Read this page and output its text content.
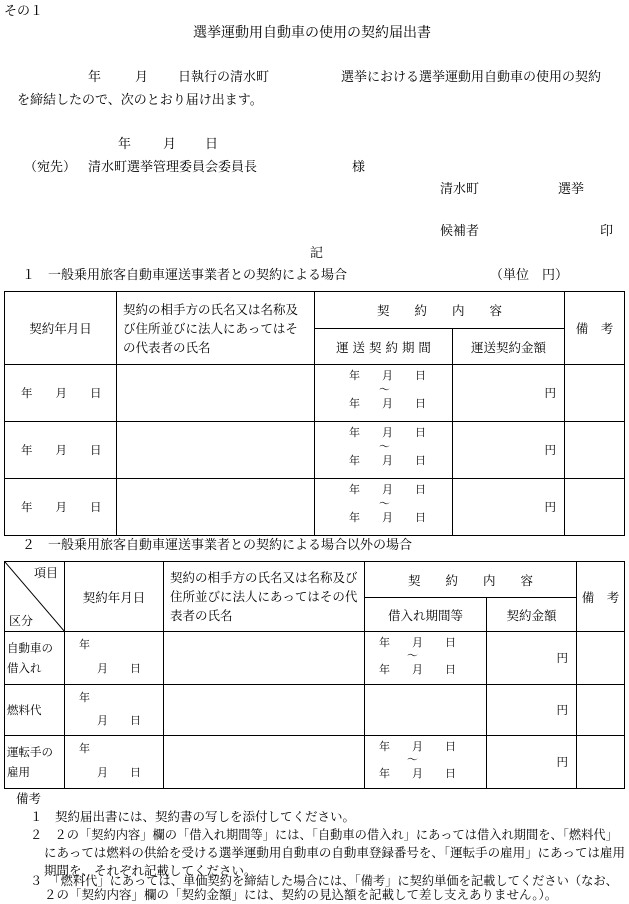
その１
選挙運動用自動車の使用の契約届出書
年	月 日執行の清水町	選挙における選挙運動用自動車の使用の契約
を締結したので、次のとおり届け出ます。
年 月 日
（宛先） 清水町選挙管理委員会委員長	様
清水町	選挙
候補者	印
記
１　一般乗用旅客自動車運送事業者との契約による場合	（単位　円）
契約年月日	契約の相手方の氏名又は名称及び住所並びに法人にあってはその代表者の氏名	契　　約　　内　　容		備　考
		運 送 契 約 期 間	運送契約金額	
年　　月　　日		年　　月　　日
〜
年　　月　　日	円	
年　　月　　日		年　　月　　日
〜
年　　月　　日	円	
年　　月　　日		年　　月　　日
〜
年　　月　　日	円	
２　一般乗用旅客自動車運送事業者との契約による場合以外の場合
項目
区分	契約年月日	契約の相手方の氏名又は名称及び住所並びに法人にあってはその代表者の氏名	契　　約　　内　　容		備　考
			借入れ期間等	契約金額	
自動車の借入れ	年
月　　日		年　　月　　日
〜
年　　月　　日	円	
燃料代	年
月　　日			円	
運転手の雇用	年
月　　日		年　　月　　日
〜
年　　月　　日	円	
備考
１　契約届出書には、契約書の写しを添付してください。
２　２の「契約内容」欄の「借入れ期間等」には、「自動車の借入れ」にあっては借入れ期間を、「燃料代」
にあっては燃料の供給を受ける選挙運動用自動車の自動車登録番号を、「運転手の雇用」にあっては雇用
期間を、それぞれ記載してください。
３　「燃料代」にあっては、単価契約を締結した場合には、「備考」に契約単価を記載してください（なお、
２の「契約内容」欄の「契約金額」には、契約の見込額を記載して差し支えありません。）。
